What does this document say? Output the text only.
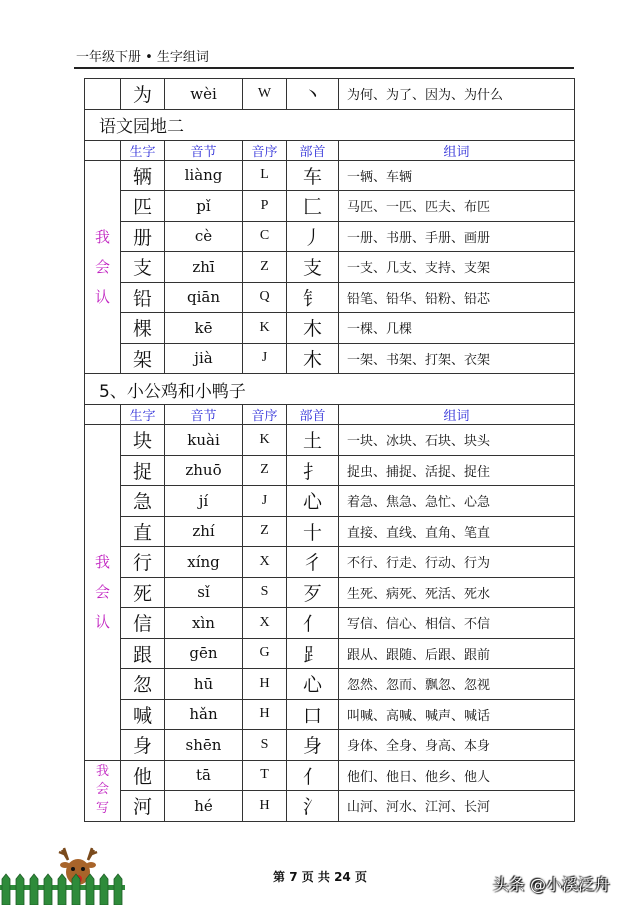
一年级下册 • 生字组词
	为	wèi	W	丶	为何、为了、因为、为什么
语文园地二					
	生字	音节	音序	部首	组词

我
会
认	辆	liàng	L	车	一辆、车辆
	匹	pǐ	P	匚	马匹、一匹、匹夫、布匹
	册	cè	C	丿	一册、书册、手册、画册
	支	zhī	Z	支	一支、几支、支持、支架
	铅	qiān	Q	钅	铅笔、铅华、铅粉、铅芯
	棵	kē	K	木	一棵、几棵
	架	jià	J	木	一架、书架、打架、衣架
5、小公鸡和小鸭子					
	生字	音节	音序	部首	组词

我
会
认	块	kuài	K	土	一块、冰块、石块、块头
	捉	zhuō	Z	扌	捉虫、捕捉、活捉、捉住
	急	jí	J	心	着急、焦急、急忙、心急
	直	zhí	Z	十	直接、直线、直角、笔直
	行	xíng	X	彳	不行、行走、行动、行为
	死	sǐ	S	歹	生死、病死、死活、死水
	信	xìn	X	亻	写信、信心、相信、不信
	跟	gēn	G	⻊	跟从、跟随、后跟、跟前
	忽	hū	H	心	忽然、忽而、飘忽、忽视
	喊	hǎn	H	口	叫喊、高喊、喊声、喊话
	身	shēn	S	身	身体、全身、身高、本身

我
会
写	他	tā	T	亻	他们、他日、他乡、他人
	河	hé	H	氵	山河、河水、江河、长河
第 7 页 共 24 页	头条 @小溪泛舟
